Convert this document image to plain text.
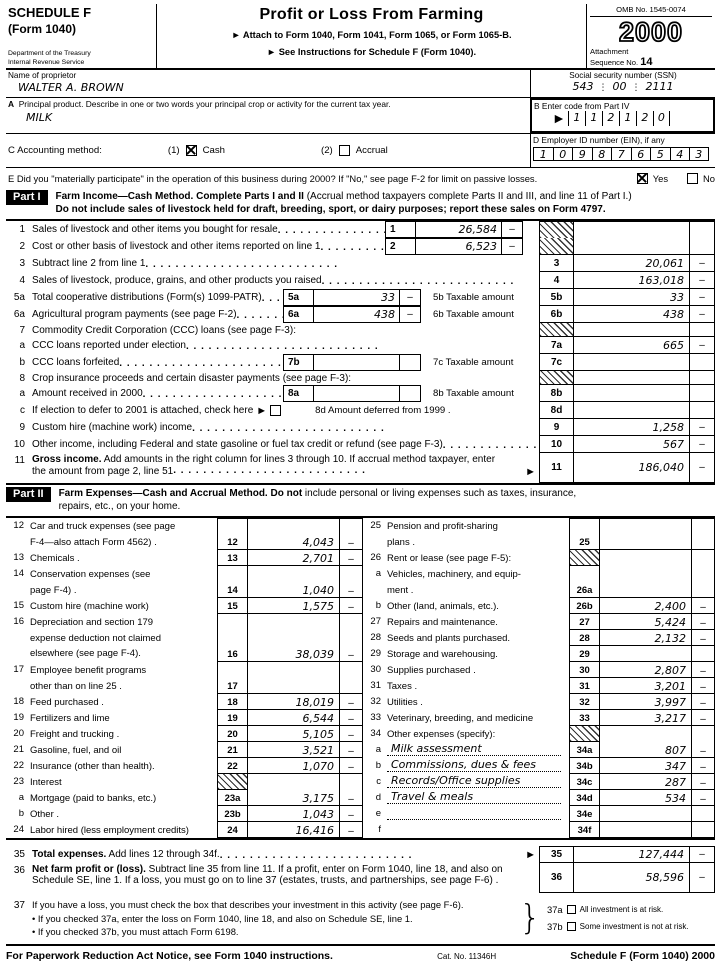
SCHEDULE F
(Form 1040)
Department of the Treasury
Internal Revenue Service
Profit or Loss From Farming
► Attach to Form 1040, Form 1041, Form 1065, or Form 1065-B.
► See Instructions for Schedule F (Form 1040).
OMB No. 1545-0074
2000
Attachment
Sequence No. 14
Name of proprietor
WALTER A. BROWN
Social security number (SSN)
543 ⋮ 00 ⋮ 2111
A Principal product. Describe in one or two words your principal crop or activity for the current tax year.
MILK
B Enter code from Part IV
► 1 1 2 1 2 0
C Accounting method:	(1) Cash	(2) Accrual
D Employer ID number (EIN), if any
1	0	9	8	7	6	5	4	3
E Did you "materially participate" in the operation of this business during 2000? If "No," see page F-2 for limit on passive losses.	Yes	No
Part I	Farm Income—Cash Method. Complete Parts I and II (Accrual method taxpayers complete Parts II and III, and line 11 of Part I.)
Do not include sales of livestock held for draft, breeding, sport, or dairy purposes; report these sales on Form 4797.
1 Sales of livestock and other items you bought for resale .	1	26,584	–
2 Cost or other basis of livestock and other items reported on line 1 .	2	6,523	–
3 Subtract line 2 from line 1 .	3	20,061	–
4 Sales of livestock, produce, grains, and other products you raised .	4	163,018	–
5a Total cooperative distributions (Form(s) 1099-PATR) .	5a	33	–	5b Taxable amount	5b	33	–
6a Agricultural program payments (see page F-2) .	6a	438	–	6b Taxable amount	6b	438	–
7 Commodity Credit Corporation (CCC) loans (see page F-3):
a CCC loans reported under election .	7a	665	–
b CCC loans forfeited .	7b	7c Taxable amount	7c
8 Crop insurance proceeds and certain disaster payments (see page F-3):
a Amount received in 2000 .	8a	8b Taxable amount	8b
c If election to defer to 2001 is attached, check here ►	8d Amount deferred from 1999 .	8d
9 Custom hire (machine work) income .	9	1,258	–
10 Other income, including Federal and state gasoline or fuel tax credit or refund (see page F-3) .	10	567	–
11 Gross income. Add amounts in the right column for lines 3 through 10. If accrual method taxpayer, enter
the amount from page 2, line 51 .	►	11	186,040	–
Part II	Farm Expenses—Cash and Accrual Method. Do not include personal or living expenses such as taxes, insurance,
repairs, etc., on your home.
12 Car and truck expenses (see page
F-4—also attach Form 4562) .	12	4,043	–
13 Chemicals .	13	2,701	–
14 Conservation expenses (see
page F-4) .	14	1,040	–
15 Custom hire (machine work)	15	1,575	–
16 Depreciation and section 179
expense deduction not claimed
elsewhere (see page F-4).	16	38,039	–
17 Employee benefit programs
other than on line 25 .	17
18 Feed purchased .	18	18,019	–
19 Fertilizers and lime	19	6,544	–
20 Freight and trucking .	20	5,105	–
21 Gasoline, fuel, and oil	21	3,521	–
22 Insurance (other than health).	22	1,070	–
23 Interest
a Mortgage (paid to banks, etc.)	23a	3,175	–
b Other .	23b	1,043	–
24 Labor hired (less employment credits)	24	16,416	–
25 Pension and profit-sharing
plans .	25
26 Rent or lease (see page F-5):
a Vehicles, machinery, and equip-
ment .	26a
b Other (land, animals, etc.).	26b	2,400	–
27 Repairs and maintenance.	27	5,424	–
28 Seeds and plants purchased.	28	2,132	–
29 Storage and warehousing.	29
30 Supplies purchased .	30	2,807	–
31 Taxes .	31	3,201	–
32 Utilities .	32	3,997	–
33 Veterinary, breeding, and medicine	33	3,217	–
34 Other expenses (specify):
a Milk assessment	34a	807	–
b Commissions, dues & fees	34b	347	–
c Records/Office supplies	34c	287	–
d Travel & meals	34d	534	–
e	34e
f	34f
35 Total expenses. Add lines 12 through 34f. .	►	35	127,444	–
36 Net farm profit or (loss). Subtract line 35 from line 11. If a profit, enter on Form 1040, line 18, and also on
Schedule SE, line 1. If a loss, you must go on to line 37 (estates, trusts, and partnerships, see page F-6) .	36	58,596	–
37 If you have a loss, you must check the box that describes your investment in this activity (see page F-6).
• If you checked 37a, enter the loss on Form 1040, line 18, and also on Schedule SE, line 1.
• If you checked 37b, you must attach Form 6198.	} 37a All investment is at risk.
37b Some investment is not at risk.
For Paperwork Reduction Act Notice, see Form 1040 instructions.	Cat. No. 11346H	Schedule F (Form 1040) 2000
